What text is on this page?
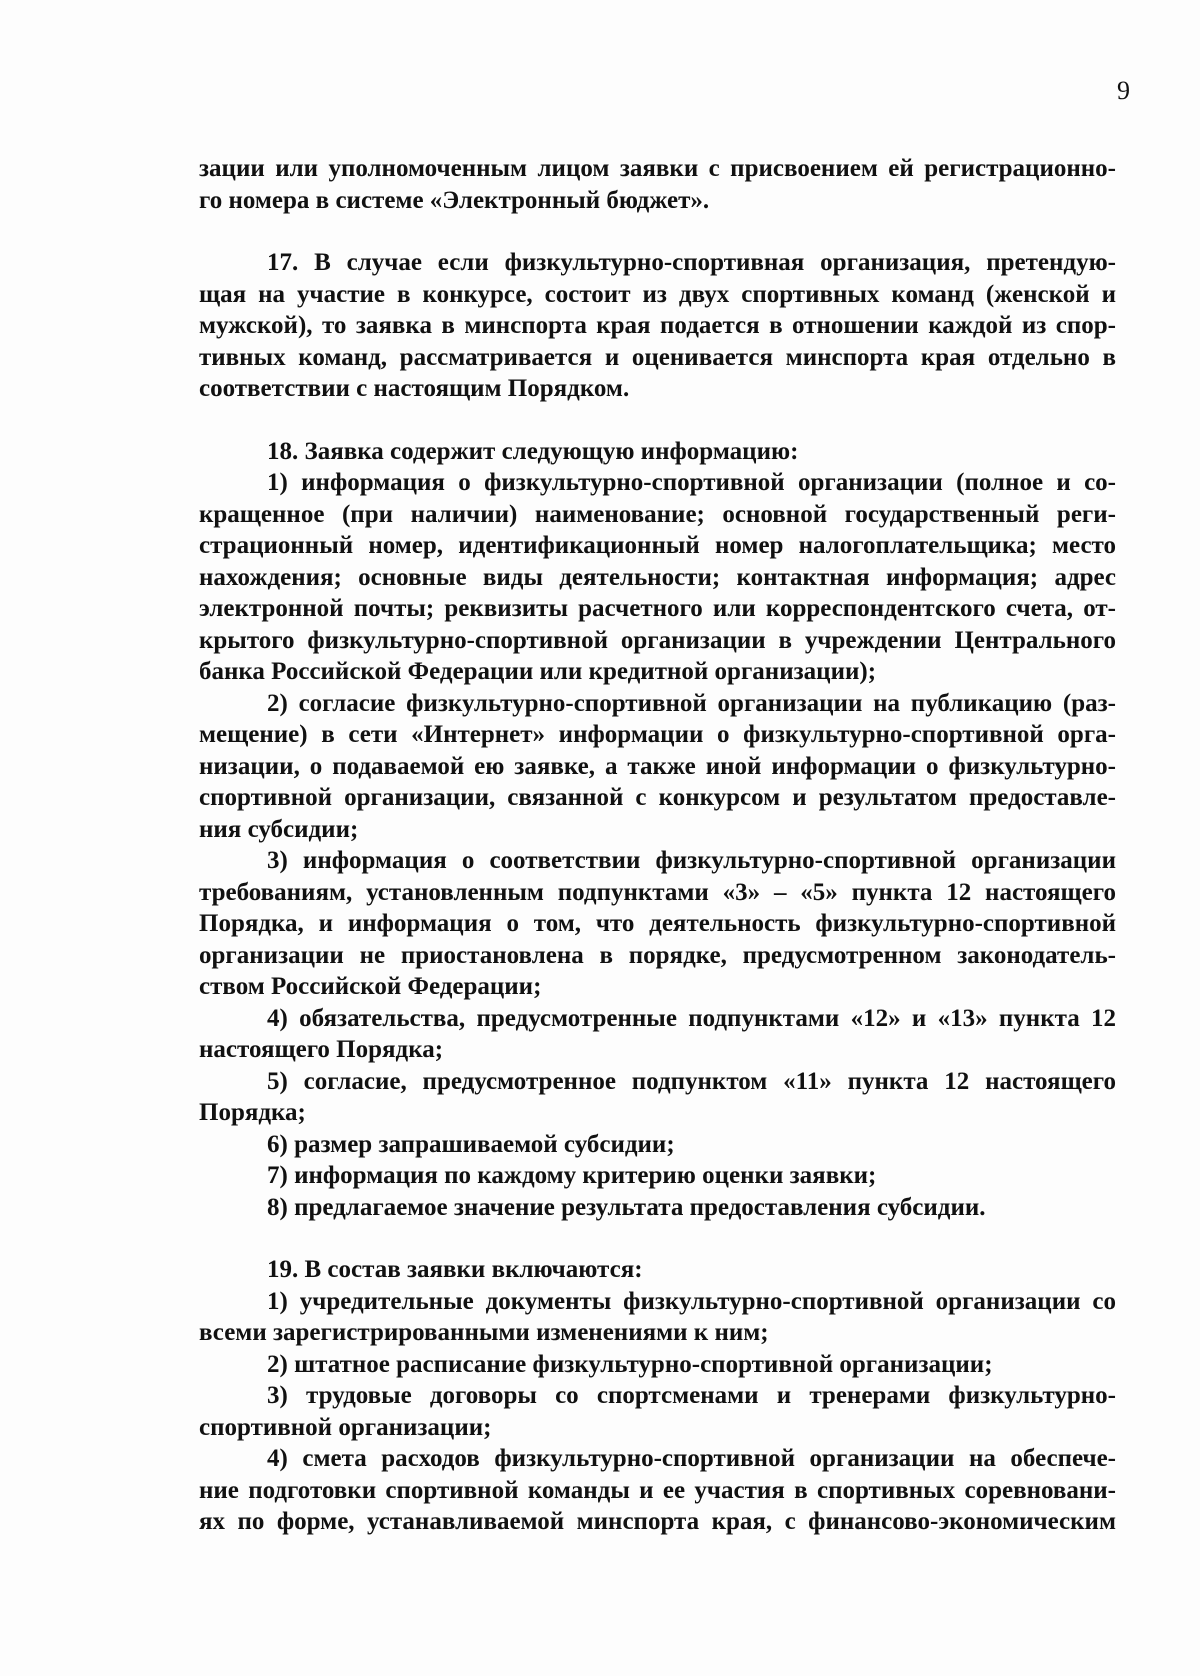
9
зации или уполномоченным лицом заявки с присвоением ей регистрационно-
го номера в системе «Электронный бюджет».
17. В случае если физкультурно-спортивная организация, претендую-
щая на участие в конкурсе, состоит из двух спортивных команд (женской и
мужской), то заявка в минспорта края подается в отношении каждой из спор-
тивных команд, рассматривается и оценивается минспорта края отдельно в
соответствии с настоящим Порядком.
18. Заявка содержит следующую информацию:
1) информация о физкультурно-спортивной организации (полное и со-
кращенное (при наличии) наименование; основной государственный реги-
страционный номер, идентификационный номер налогоплательщика; место
нахождения; основные виды деятельности; контактная информация; адрес
электронной почты; реквизиты расчетного или корреспондентского счета, от-
крытого физкультурно-спортивной организации в учреждении Центрального
банка Российской Федерации или кредитной организации);
2) согласие физкультурно-спортивной организации на публикацию (раз-
мещение) в сети «Интернет» информации о физкультурно-спортивной орга-
низации, о подаваемой ею заявке, а также иной информации о физкультурно-
спортивной организации, связанной с конкурсом и результатом предоставле-
ния субсидии;
3) информация о соответствии физкультурно-спортивной организации
требованиям, установленным подпунктами «3» – «5» пункта 12 настоящего
Порядка, и информация о том, что деятельность физкультурно-спортивной
организации не приостановлена в порядке, предусмотренном законодатель-
ством Российской Федерации;
4) обязательства, предусмотренные подпунктами «12» и «13» пункта 12
настоящего Порядка;
5) согласие, предусмотренное подпунктом «11» пункта 12 настоящего
Порядка;
6) размер запрашиваемой субсидии;
7) информация по каждому критерию оценки заявки;
8) предлагаемое значение результата предоставления субсидии.
19. В состав заявки включаются:
1) учредительные документы физкультурно-спортивной организации со
всеми зарегистрированными изменениями к ним;
2) штатное расписание физкультурно-спортивной организации;
3) трудовые договоры со спортсменами и тренерами физкультурно-
спортивной организации;
4) смета расходов физкультурно-спортивной организации на обеспече-
ние подготовки спортивной команды и ее участия в спортивных соревновани-
ях по форме, устанавливаемой минспорта края, с финансово-экономическим
